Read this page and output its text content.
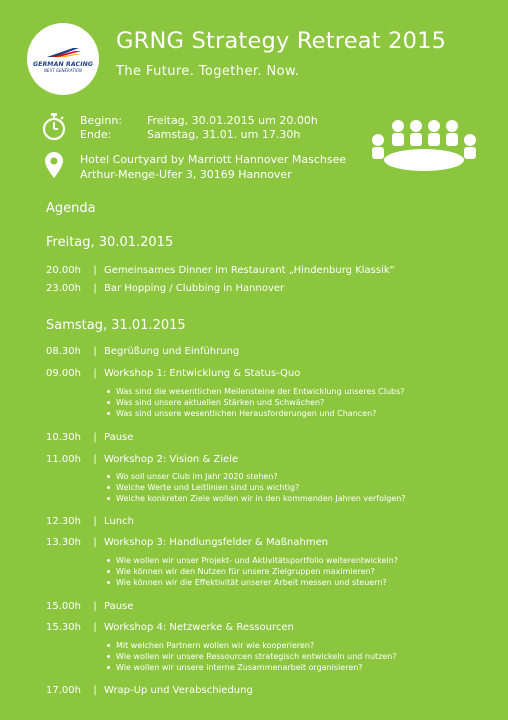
GERMAN RACING
NEXT GENERATION
GRNG Strategy Retreat 2015
The Future. Together. Now.
Beginn: Freitag, 30.01.2015 um 20.00h
Ende:	Samstag, 31.01. um 17.30h
Hotel Courtyard by Marriott Hannover Maschsee
Arthur-Menge-Ufer 3, 30169 Hannover
Agenda
Freitag, 30.01.2015
20.00h | Gemeinsames Dinner im Restaurant „Hindenburg Klassik“
23.00h | Bar Hopping / Clubbing in Hannover
Samstag, 31.01.2015
08.30h | Begrüßung und Einführung
09.00h | Workshop 1: Entwicklung & Status-Quo
Was sind die wesentlichen Meilensteine der Entwicklung unseres Clubs?
Was sind unsere aktuellen Stärken und Schwächen?
Was sind unsere wesentlichen Herausforderungen und Chancen?
10.30h | Pause
11.00h | Workshop 2: Vision & Ziele
Wo soll unser Club im Jahr 2020 stehen?
Welche Werte und Leitlinien sind uns wichtig?
Welche konkreten Ziele wollen wir in den kommenden Jahren verfolgen?
12.30h | Lunch
13.30h | Workshop 3: Handlungsfelder & Maßnahmen
Wie wollen wir unser Projekt- und Aktivitätsportfolio weiterentwickeln?
Wie können wir den Nutzen für unsere Zielgruppen maximieren?
Wie können wir die Effektivität unserer Arbeit messen und steuern?
15.00h | Pause
15.30h | Workshop 4: Netzwerke & Ressourcen
Mit welchen Partnern wollen wir wie kooperieren?
Wie wollen wir unsere Ressourcen strategisch entwickeln und nutzen?
Wie wollen wir unsere interne Zusammenarbeit organisieren?
17.00h | Wrap-Up und Verabschiedung
